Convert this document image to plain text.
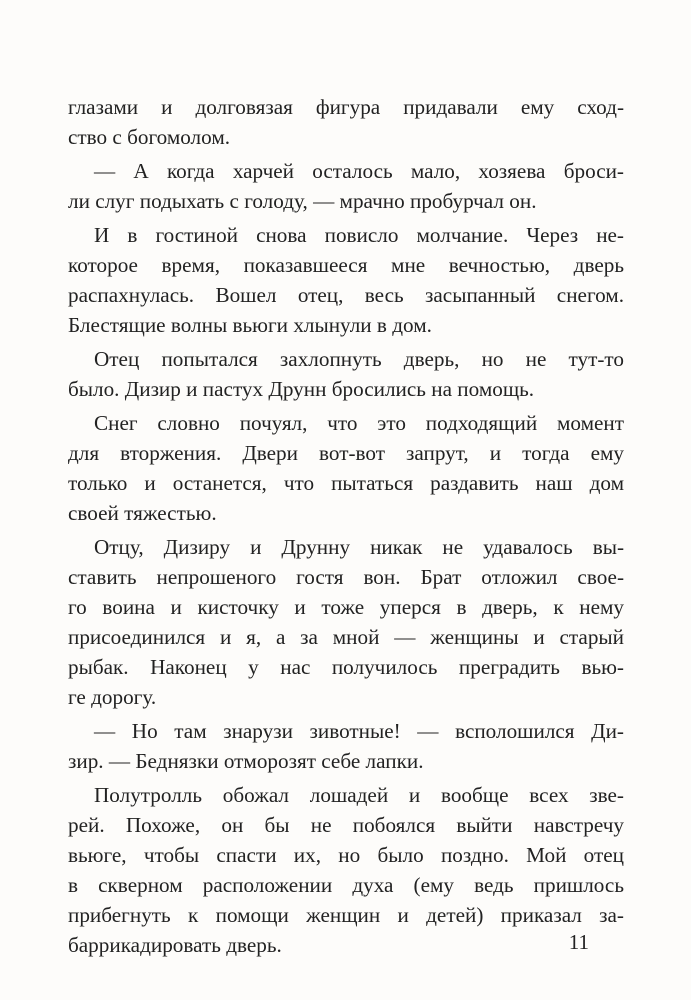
глазами и долговязая фигура придавали ему сход-
ство с богомолом.
— А когда харчей осталось мало, хозяева броси-
ли слуг подыхать с голоду, — мрачно пробурчал он.
И в гостиной снова повисло молчание. Через не-
которое время, показавшееся мне вечностью, дверь
распахнулась. Вошел отец, весь засыпанный снегом.
Блестящие волны вьюги хлынули в дом.
Отец попытался захлопнуть дверь, но не тут-то
было. Дизир и пастух Друнн бросились на помощь.
Снег словно почуял, что это подходящий момент
для вторжения. Двери вот-вот запрут, и тогда ему
только и останется, что пытаться раздавить наш дом
своей тяжестью.
Отцу, Дизиру и Друнну никак не удавалось вы-
ставить непрошеного гостя вон. Брат отложил свое-
го воина и кисточку и тоже уперся в дверь, к нему
присоединился и я, а за мной — женщины и старый
рыбак. Наконец у нас получилось преградить вью-
ге дорогу.
— Но там знарузи зивотные! — всполошился Ди-
зир. — Беднязки отморозят себе лапки.
Полутролль обожал лошадей и вообще всех зве-
рей. Похоже, он бы не побоялся выйти навстречу
вьюге, чтобы спасти их, но было поздно. Мой отец
в скверном расположении духа (ему ведь пришлось
прибегнуть к помощи женщин и детей) приказал за-
баррикадировать дверь.	11
